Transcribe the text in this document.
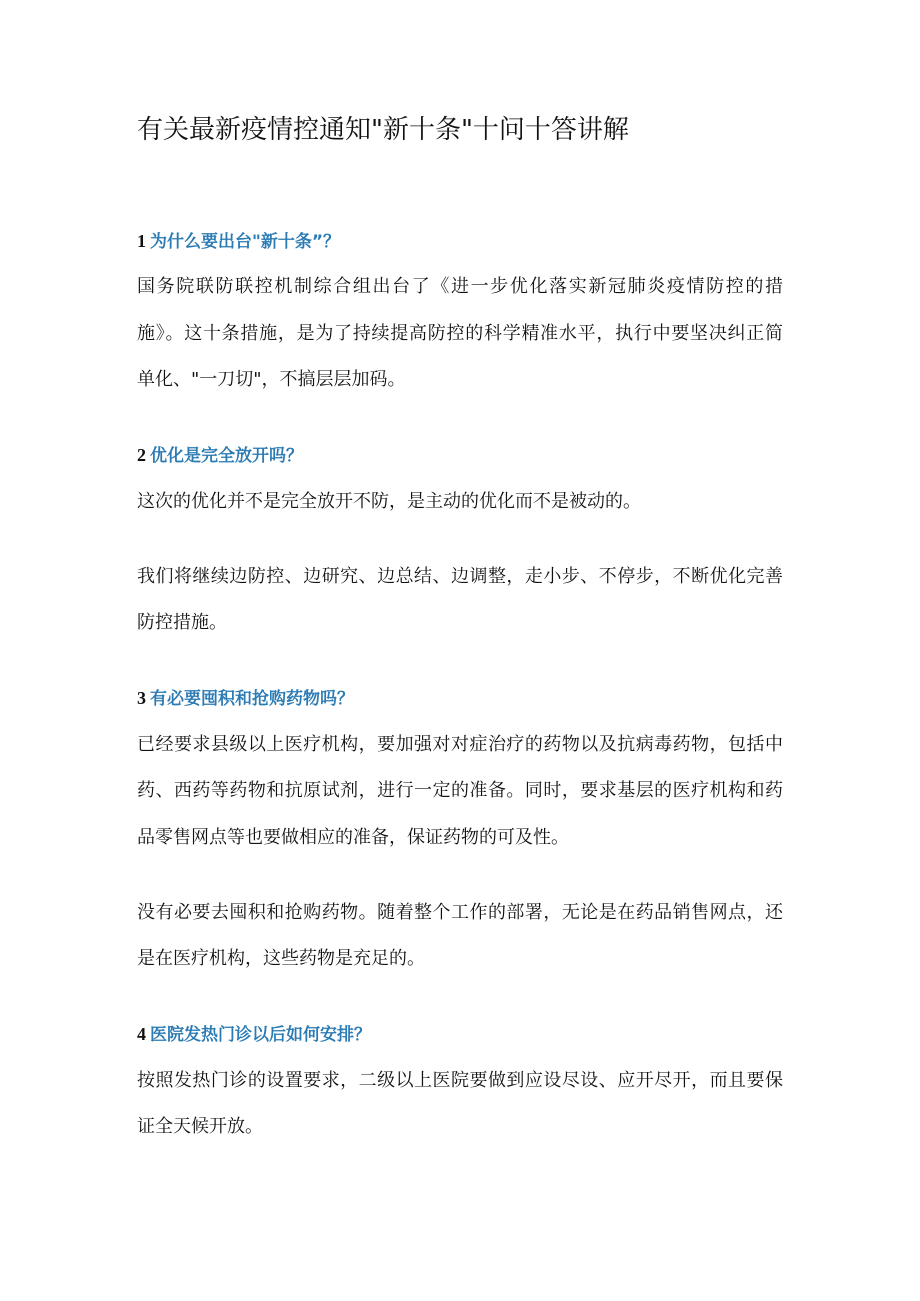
有关最新疫情控通知"新十条"十问十答讲解
1 为什么要出台"新十条”？
国务院联防联控机制综合组出台了《进一步优化落实新冠肺炎疫情防控的措
施》。这十条措施，是为了持续提高防控的科学精准水平，执行中要坚决纠正简
单化、"一刀切"，不搞层层加码。
2 优化是完全放开吗？
这次的优化并不是完全放开不防，是主动的优化而不是被动的。
我们将继续边防控、边研究、边总结、边调整，走小步、不停步，不断优化完善
防控措施。
3 有必要囤积和抢购药物吗？
已经要求县级以上医疗机构，要加强对对症治疗的药物以及抗病毒药物，包括中
药、西药等药物和抗原试剂，进行一定的准备。同时，要求基层的医疗机构和药
品零售网点等也要做相应的准备，保证药物的可及性。
没有必要去囤积和抢购药物。随着整个工作的部署，无论是在药品销售网点，还
是在医疗机构，这些药物是充足的。
4 医院发热门诊以后如何安排？
按照发热门诊的设置要求，二级以上医院要做到应设尽设、应开尽开，而且要保
证全天候开放。
